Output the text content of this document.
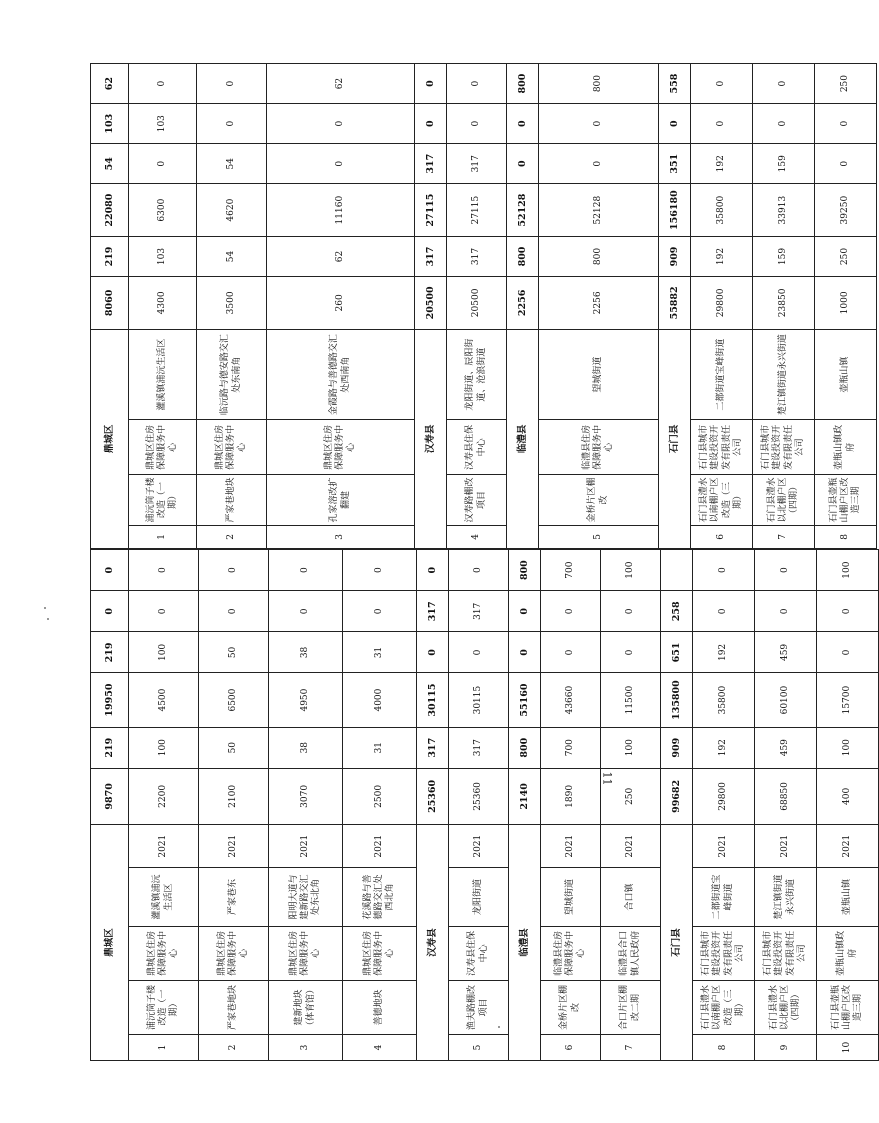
鼎城区					9870	219	19950	219	0	0
1	浦沅筒子楼改造（一期）	鼎城区住房保障服务中心	灌溪镇浦沅生活区	2021	2200	100	4500	100	0	0
2	严家巷地块	鼎城区住房保障服务中心	严家巷东	2021	2100	50	6500	50	0	0
3	建新地块（体育馆）	鼎城区住房保障服务中心	阳明大道与建新路交汇处东北角	2021	3070	38	4950	38	0	0
4	善德地块	鼎城区住房保障服务中心	花溪路与善德路交汇处西北角	2021	2500	31	4000	31	0	0
汉寿县					25360	317	30115	0	317	0
5	渔夫路棚改项目	汉寿县住保中心	龙阳街道	2021	25360	317	30115	0	317	0
临澧县					2140	800	55160	0	0	800
6	金桥片区棚改	临澧县住房保障服务中心	望城街道	2021	1890	700	43660	0	0	700
7	合口片区棚改二期	临澧县合口镇人民政府	合口镇	2021	250	100	11500	0	0	100
石门县					99682	909	135800	651	258	
8	石门县澧水以南棚户区改造（三期）	石门县城市建设投资开发有限责任公司	二都街道宝峰街道	2021	29800	192	35800	192	0	0
9	石门县澧水以北棚户区（四期）	石门县城市建设投资开发有限责任公司	楚江镇街道永兴街道	2021	68850	459	60100	459	0	0
10	石门县壶瓶山棚户区改造三期	壶瓶山镇政府	壶瓶山镇	2021	400	100	15700	0	0	100
鼎城区				8060	219	22080	54	103	62
1	浦沅筒子楼改造（一期）	鼎城区住房保障服务中心	灌溪镇浦沅生活区	4300	103	6300	0	103	0
2	严家巷地块	鼎城区住房保障服务中心	临沅路与德安路交汇处东南角	3500	54	4620	54	0	0
3	孔家溶改扩翻建	鼎城区住房保障服务中心	金霞路与善德路交汇处西南角	260	62	11160	0	0	62
汉寿县				20500	317	27115	317	0	0
4	汉寿路棚改项目	汉寿县住保中心	龙阳街道、辰阳街道、沧浪街道	20500	317	27115	317	0	0
临澧县				2256	800	52128	0	0	800
5	金桥片区棚改	临澧县住房保障服务中心	望城街道	2256	800	52128	0	0	800
石门县				55882	909	156180	351	0	558
6	石门县澧水以南棚户区改造（三期）	石门县城市建设投资开发有限责任公司	二都街道宝峰街道	29800	192	35800	192	0	0
7	石门县澧水以北棚户区（四期）	石门县城市建设投资开发有限责任公司	楚江镇街道永兴街道	23850	159	33913	159	0	0
8	石门县壶瓶山棚户区改造三期	壶瓶山镇政府	壶瓶山镇	1000	250	39250	0	0	250
11
